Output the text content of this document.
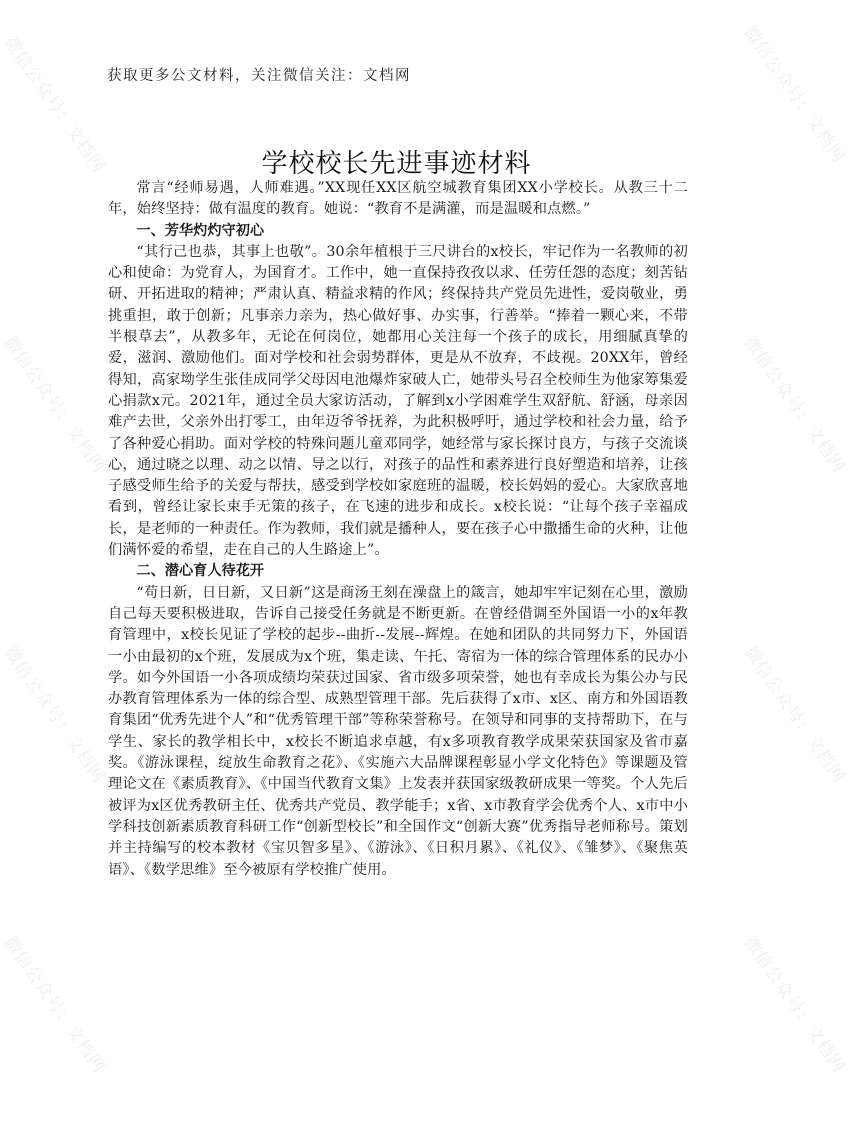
微信公众号：文档网	微信公众号：文档网
微信公众号：文档网	微信公众号：文档网
微信公众号：文档网	微信公众号：文档网
微信公众号：文档网	微信公众号：文档网
获取更多公文材料，关注微信关注：文档网
学校校长先进事迹材料

常言“经师易遇，人师难遇。”XX现任XX区航空城教育集团XX小学校长。从教三十二年，始终坚持：做有温度的教育。她说：“教育不是满灌，而是温暖和点燃。”

一、芳华灼灼守初心

“其行己也恭，其事上也敬”。30余年植根于三尺讲台的x校长，牢记作为一名教师的初心和使命：为党育人，为国育才。工作中，她一直保持孜孜以求、任劳任怨的态度；刻苦钻研、开拓进取的精神；严肃认真、精益求精的作风；终保持共产党员先进性，爱岗敬业，勇挑重担，敢于创新；凡事亲力亲为，热心做好事、办实事，行善举。“捧着一颗心来，不带半根草去”，从教多年，无论在何岗位，她都用心关注每一个孩子的成长，用细腻真挚的爱，滋润、激励他们。面对学校和社会弱势群体，更是从不放弃，不歧视。20XX年，曾经得知，高家坳学生张佳成同学父母因电池爆炸家破人亡，她带头号召全校师生为他家筹集爱心捐款x元。2021年，通过全员大家访活动，了解到x小学困难学生双舒航、舒涵，母亲因难产去世，父亲外出打零工，由年迈爷爷抚养，为此积极呼吁，通过学校和社会力量，给予了各种爱心捐助。面对学校的特殊问题儿童邓同学，她经常与家长探讨良方，与孩子交流谈心，通过晓之以理、动之以情、导之以行，对孩子的品性和素养进行良好塑造和培养，让孩子感受师生给予的关爱与帮扶，感受到学校如家庭班的温暖，校长妈妈的爱心。大家欣喜地看到，曾经让家长束手无策的孩子，在飞速的进步和成长。x校长说：“让每个孩子幸福成长，是老师的一种责任。作为教师，我们就是播种人，要在孩子心中撒播生命的火种，让他们满怀爱的希望，走在自己的人生路途上”。

二、潜心育人待花开

“苟日新，日日新，又日新”这是商汤王刻在澡盘上的箴言，她却牢牢记刻在心里，激励自己每天要积极进取，告诉自己接受任务就是不断更新。在曾经借调至外国语一小的x年教育管理中，x校长见证了学校的起步--曲折--发展--辉煌。在她和团队的共同努力下，外国语一小由最初的x个班，发展成为x个班，集走读、午托、寄宿为一体的综合管理体系的民办小学。如今外国语一小各项成绩均荣获过国家、省市级多项荣誉，她也有幸成长为集公办与民办教育管理体系为一体的综合型、成熟型管理干部。先后获得了x市、x区、南方和外国语教育集团“优秀先进个人”和“优秀管理干部”等称荣誉称号。在领导和同事的支持帮助下，在与学生、家长的教学相长中，x校长不断追求卓越，有x多项教育教学成果荣获国家及省市嘉奖。《游泳课程，绽放生命教育之花》、《实施六大品牌课程彰显小学文化特色》等课题及管理论文在《素质教育》、《中国当代教育文集》上发表并获国家级教研成果一等奖。个人先后被评为x区优秀教研主任、优秀共产党员、教学能手；x省、x市教育学会优秀个人、x市中小学科技创新素质教育科研工作“创新型校长”和全国作文“创新大赛”优秀指导老师称号。策划并主持编写的校本教材《宝贝智多星》、《游泳》、《日积月累》、《礼仪》、《雏梦》、《聚焦英语》、《数学思维》至今被原有学校推广使用。
